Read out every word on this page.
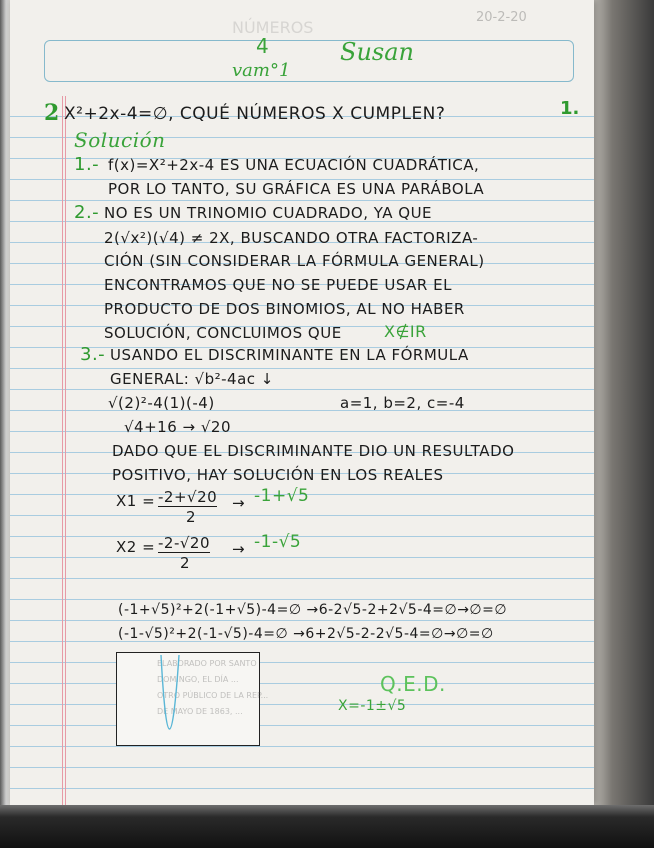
NÚMEROS
20-2-20
4	Susan
vam°1
2 X²+2x-4=∅, CQUÉ NÚMEROS X CUMPLEN?	1.
Solución
1.- f(x)=X²+2x-4 ES UNA ECUACIÓN CUADRÁTICA,
POR LO TANTO, SU GRÁFICA ES UNA PARÁBOLA
2.- NO ES UN TRINOMIO CUADRADO, YA QUE
2(√x²)(√4) ≠ 2X, BUSCANDO OTRA FACTORIZA-
CIÓN (SIN CONSIDERAR LA FÓRMULA GENERAL)
ENCONTRAMOS QUE NO SE PUEDE USAR EL
PRODUCTO DE DOS BINOMIOS, AL NO HABER
SOLUCIÓN, CONCLUIMOS QUE	X∉IR
3.- USANDO EL DISCRIMINANTE EN LA FÓRMULA
GENERAL: √b²-4ac ↓
√(2)²-4(1)(-4)	a=1, b=2, c=-4
√4+16 → √20
DADO QUE EL DISCRIMINANTE DIO UN RESULTADO
POSITIVO, HAY SOLUCIÓN EN LOS REALES
X1 = -2+√20
2
→ -1+√5
X2 = -2-√20
2
→ -1-√5
(-1+√5)²+2(-1+√5)-4=∅ →6-2√5-2+2√5-4=∅→∅=∅
(-1-√5)²+2(-1-√5)-4=∅ →6+2√5-2-2√5-4=∅→∅=∅
ELABORADO POR SANTO
DOMINGO, EL DÍA ...
OTRO PÚBLICO DE LA REP...
DE MAYO DE 1863, ...
Q.E.D.
X=-1±√5
